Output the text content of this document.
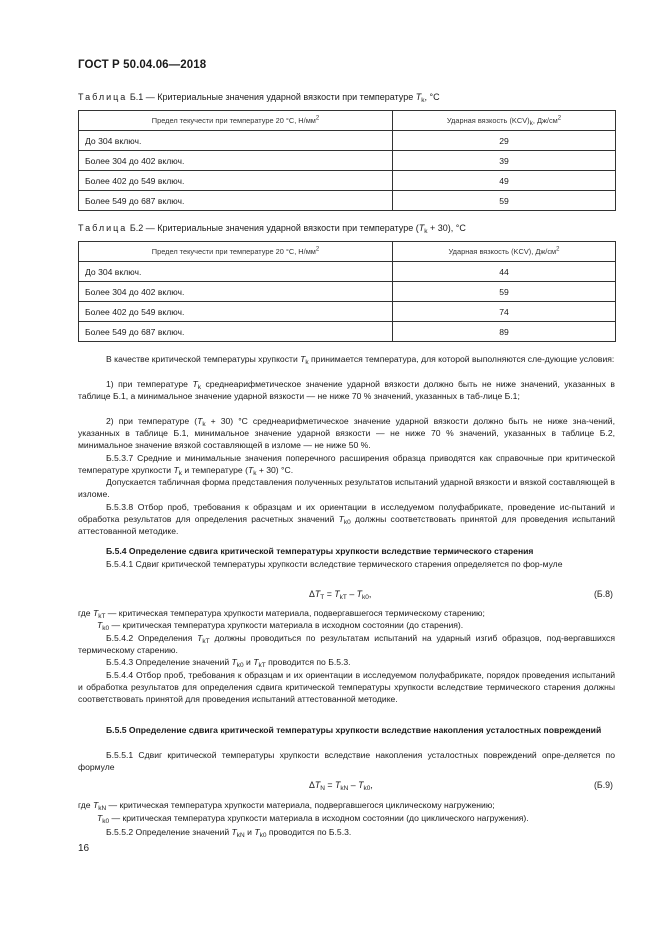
ГОСТ Р 50.04.06—2018
Таблица Б.1 — Критериальные значения ударной вязкости при температуре $T_k$, °С
Предел текучести при температуре 20 °С, $Н/мм^2$	Ударная вязкость $(KCV)_k$, $Дж/см^2$
До 304 включ.	29
Более 304 до 402 включ.	39
Более 402 до 549 включ.	49
Более 549 до 687 включ.	59
Таблица Б.2 — Критериальные значения ударной вязкости при температуре $(T_k + 30)$, °С
Предел текучести при температуре 20 °С, $Н/мм^2$	Ударная вязкость (KCV), $Дж/см^2$
До 304 включ.	44
Более 304 до 402 включ.	59
Более 402 до 549 включ.	74
Более 549 до 687 включ.	89
В качестве критической температуры хрупкости $T_k$ принимается температура, для которой выполняются сле-дующие условия:
1) при температуре $T_k$ среднеарифметическое значение ударной вязкости должно быть не ниже значений, указанных в таблице Б.1, а минимальное значение ударной вязкости — не ниже 70 % значений, указанных в таб-лице Б.1;
2) при температуре $(T_k + 30)$ °С среднеарифметическое значение ударной вязкости должно быть не ниже зна-чений, указанных в таблице Б.1, минимальное значение ударной вязкости — не ниже 70 % значений, указанных в таблице Б.2, минимальное значение вязкой составляющей в изломе — не ниже 50 %.
Б.5.3.7 Средние и минимальные значения поперечного расширения образца приводятся как справочные при критической температуре хрупкости $T_k$ и температуре $(T_k + 30)$ °С.
Допускается табличная форма представления полученных результатов испытаний ударной вязкости и вязкой составляющей в изломе.
Б.5.3.8 Отбор проб, требования к образцам и их ориентации в исследуемом полуфабрикате, проведение ис-пытаний и обработка результатов для определения расчетных значений $T_{k0}$ должны соответствовать принятой для проведения испытаний аттестованной методике.
Б.5.4 Определение сдвига критической температуры хрупкости вследствие термического старения
Б.5.4.1 Сдвиг критической температуры хрупкости вследствие термического старения определяется по фор-муле
$\Delta T_T = T_{kT} - T_{k0}$,	(Б.8)
где $T_{kT}$ — критическая температура хрупкости материала, подвергавшегося термическому старению;
$T_{k0}$ — критическая температура хрупкости материала в исходном состоянии (до старения).
Б.5.4.2 Определения $T_{kT}$ должны проводиться по результатам испытаний на ударный изгиб образцов, под-вергавшихся термическому старению.
Б.5.4.3 Определение значений $T_{k0}$ и $T_{kT}$ проводится по Б.5.3.
Б.5.4.4 Отбор проб, требования к образцам и их ориентации в исследуемом полуфабрикате, порядок проведения испытаний и обработка результатов для определения сдвига критической температуры хрупкости вследствие термического старения должны соответствовать принятой для проведения испытаний аттестованной методике.
Б.5.5 Определение сдвига критической температуры хрупкости вследствие накопления усталостных повреждений
Б.5.5.1 Сдвиг критической температуры хрупкости вследствие накопления усталостных повреждений опре-деляется по формуле
$\Delta T_N = T_{kN} - T_{k0}$,	(Б.9)
где $T_{kN}$ — критическая температура хрупкости материала, подвергавшегося циклическому нагружению;
$T_{k0}$ — критическая температура хрупкости материала в исходном состоянии (до циклического нагружения).
Б.5.5.2 Определение значений $T_{kN}$ и $T_{k0}$ проводится по Б.5.3.
16
